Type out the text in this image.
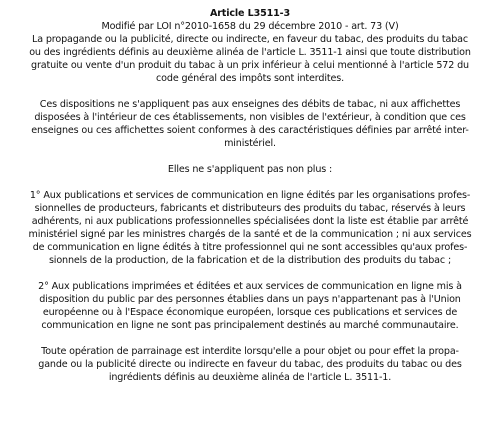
Article L3511-3
Modifié par LOI n°2010-1658 du 29 décembre 2010 - art. 73 (V)
La propagande ou la publicité, directe ou indirecte, en faveur du tabac, des produits du tabac
ou des ingrédients définis au deuxième alinéa de l'article L. 3511-1 ainsi que toute distribution
gratuite ou vente d'un produit du tabac à un prix inférieur à celui mentionné à l'article 572 du
code général des impôts sont interdites.
Ces dispositions ne s'appliquent pas aux enseignes des débits de tabac, ni aux affichettes
disposées à l'intérieur de ces établissements, non visibles de l'extérieur, à condition que ces
enseignes ou ces affichettes soient conformes à des caractéristiques définies par arrêté inter-
ministériel.
Elles ne s'appliquent pas non plus :
1° Aux publications et services de communication en ligne édités par les organisations profes-
sionnelles de producteurs, fabricants et distributeurs des produits du tabac, réservés à leurs
adhérents, ni aux publications professionnelles spécialisées dont la liste est établie par arrêté
ministériel signé par les ministres chargés de la santé et de la communication ; ni aux services
de communication en ligne édités à titre professionnel qui ne sont accessibles qu'aux profes-
sionnels de la production, de la fabrication et de la distribution des produits du tabac ;
2° Aux publications imprimées et éditées et aux services de communication en ligne mis à
disposition du public par des personnes établies dans un pays n'appartenant pas à l'Union
européenne ou à l'Espace économique européen, lorsque ces publications et services de
communication en ligne ne sont pas principalement destinés au marché communautaire.
Toute opération de parrainage est interdite lorsqu'elle a pour objet ou pour effet la propa-
gande ou la publicité directe ou indirecte en faveur du tabac, des produits du tabac ou des
ingrédients définis au deuxième alinéa de l'article L. 3511-1.
